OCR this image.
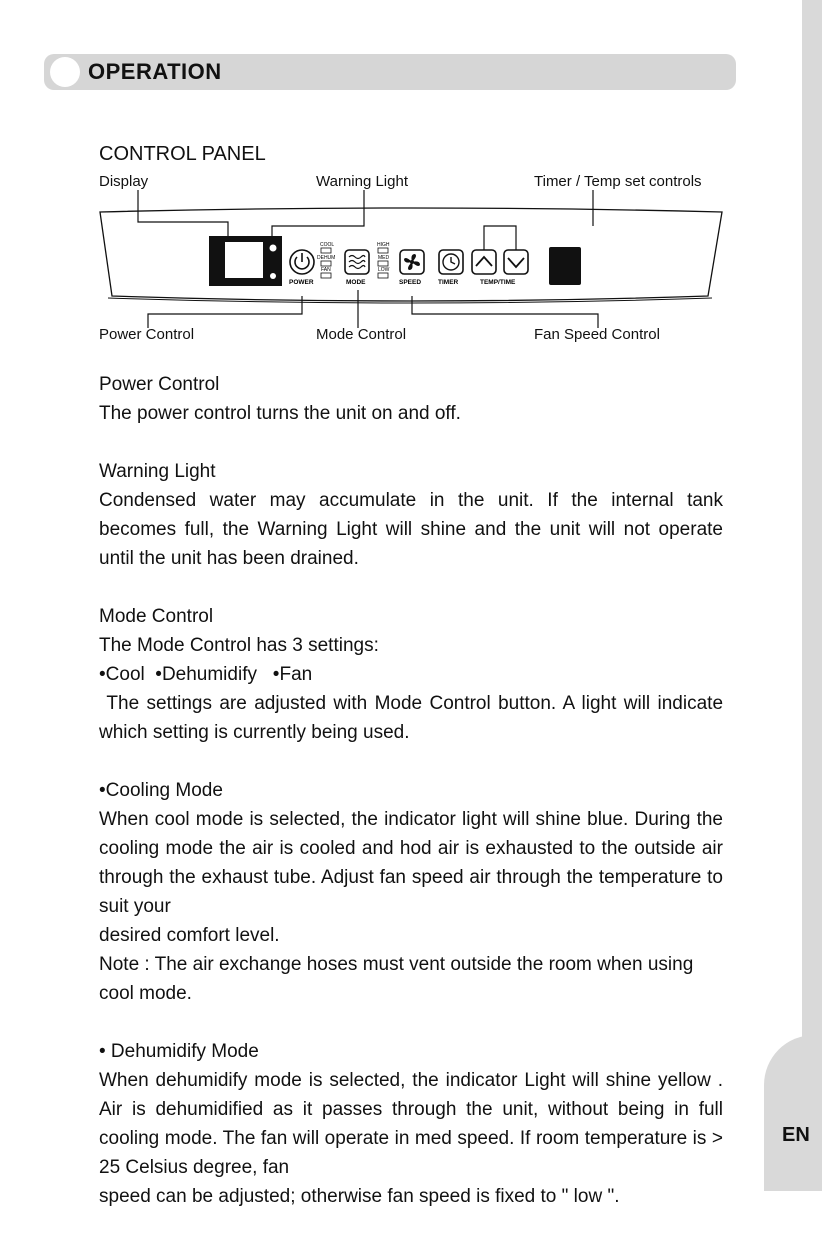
EN
OPERATION
CONTROL PANEL
Display	Warning Light	Timer / Temp set controls
Power Control	Mode Control	Fan Speed Control
COOL
DEHUM
FAN
HIGH
MED
LOW
POWER	MODE	SPEED	TIMER	TEMP/TIME

Power Control
The power control turns the unit on and off.

Warning Light
Condensed water may accumulate in the unit. If the internal tank becomes full, the Warning Light will shine and the unit will not operate until the unit has been drained.

Mode Control
The Mode Control has 3 settings:
•Cool  •Dehumidify   •Fan
The settings are adjusted with Mode Control button. A light will indicate which setting is currently being used.

•Cooling Mode
When cool mode is selected, the indicator light will shine blue. During the cooling mode the air is cooled and hod air is exhausted to the outside air through the exhaust tube. Adjust fan speed air through the temperature to suit your
desired comfort level.
Note : The air exchange hoses must vent outside the room when using cool mode.

• Dehumidify Mode
When dehumidify mode is selected, the indicator Light will shine yellow . Air is dehumidified as it passes through the unit, without being in full cooling mode. The fan will operate in med speed. If room temperature is > 25 Celsius degree, fan
speed can be adjusted; otherwise fan speed is fixed to " low ".
